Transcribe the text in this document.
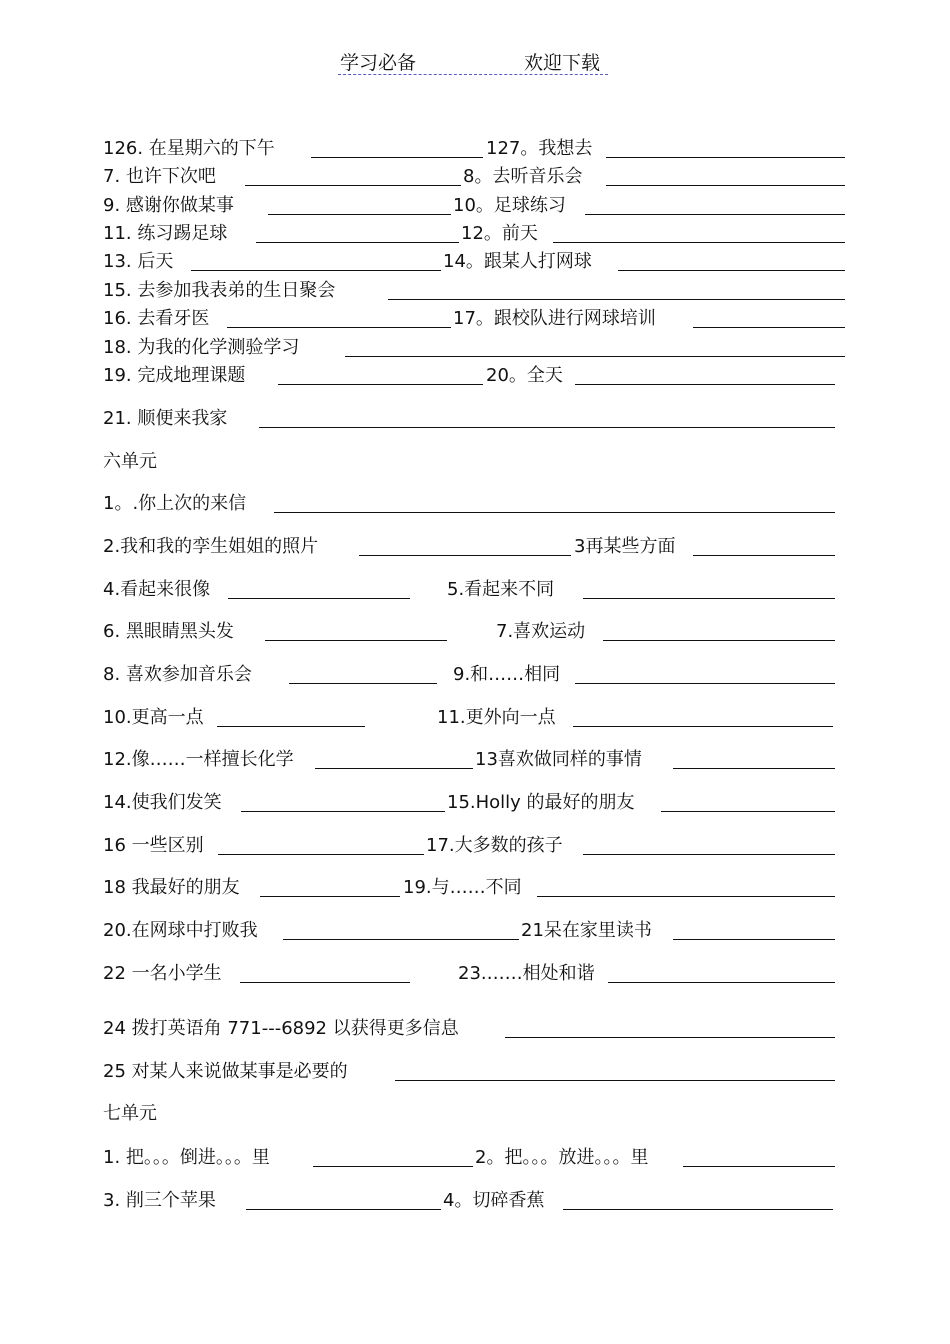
学习必备	欢迎下载
126. 在星期六的下午	127。我想去
7. 也许下次吧	8。去听音乐会
9. 感谢你做某事	10。足球练习
11. 练习踢足球	12。前天
13. 后天	14。跟某人打网球
15. 去参加我表弟的生日聚会
16. 去看牙医	17。跟校队进行网球培训
18. 为我的化学测验学习
19. 完成地理课题	20。全天
21. 顺便来我家
六单元
1。.你上次的来信
2.我和我的孪生姐姐的照片	3再某些方面
4.看起来很像	5.看起来不同
6. 黑眼睛黑头发	7.喜欢运动
8. 喜欢参加音乐会	9.和……相同
10.更高一点	11.更外向一点
12.像……一样擅长化学	13喜欢做同样的事情
14.使我们发笑	15.Holly 的最好的朋友
16 一些区别	17.大多数的孩子
18 我最好的朋友	19.与……不同
20.在网球中打败我	21呆在家里读书
22 一名小学生	23.……相处和谐
24 拨打英语角 771---6892 以获得更多信息
25 对某人来说做某事是必要的
七单元
1. 把。。。倒进。。。里	2。把。。。放进。。。里
3. 削三个苹果	4。切碎香蕉
